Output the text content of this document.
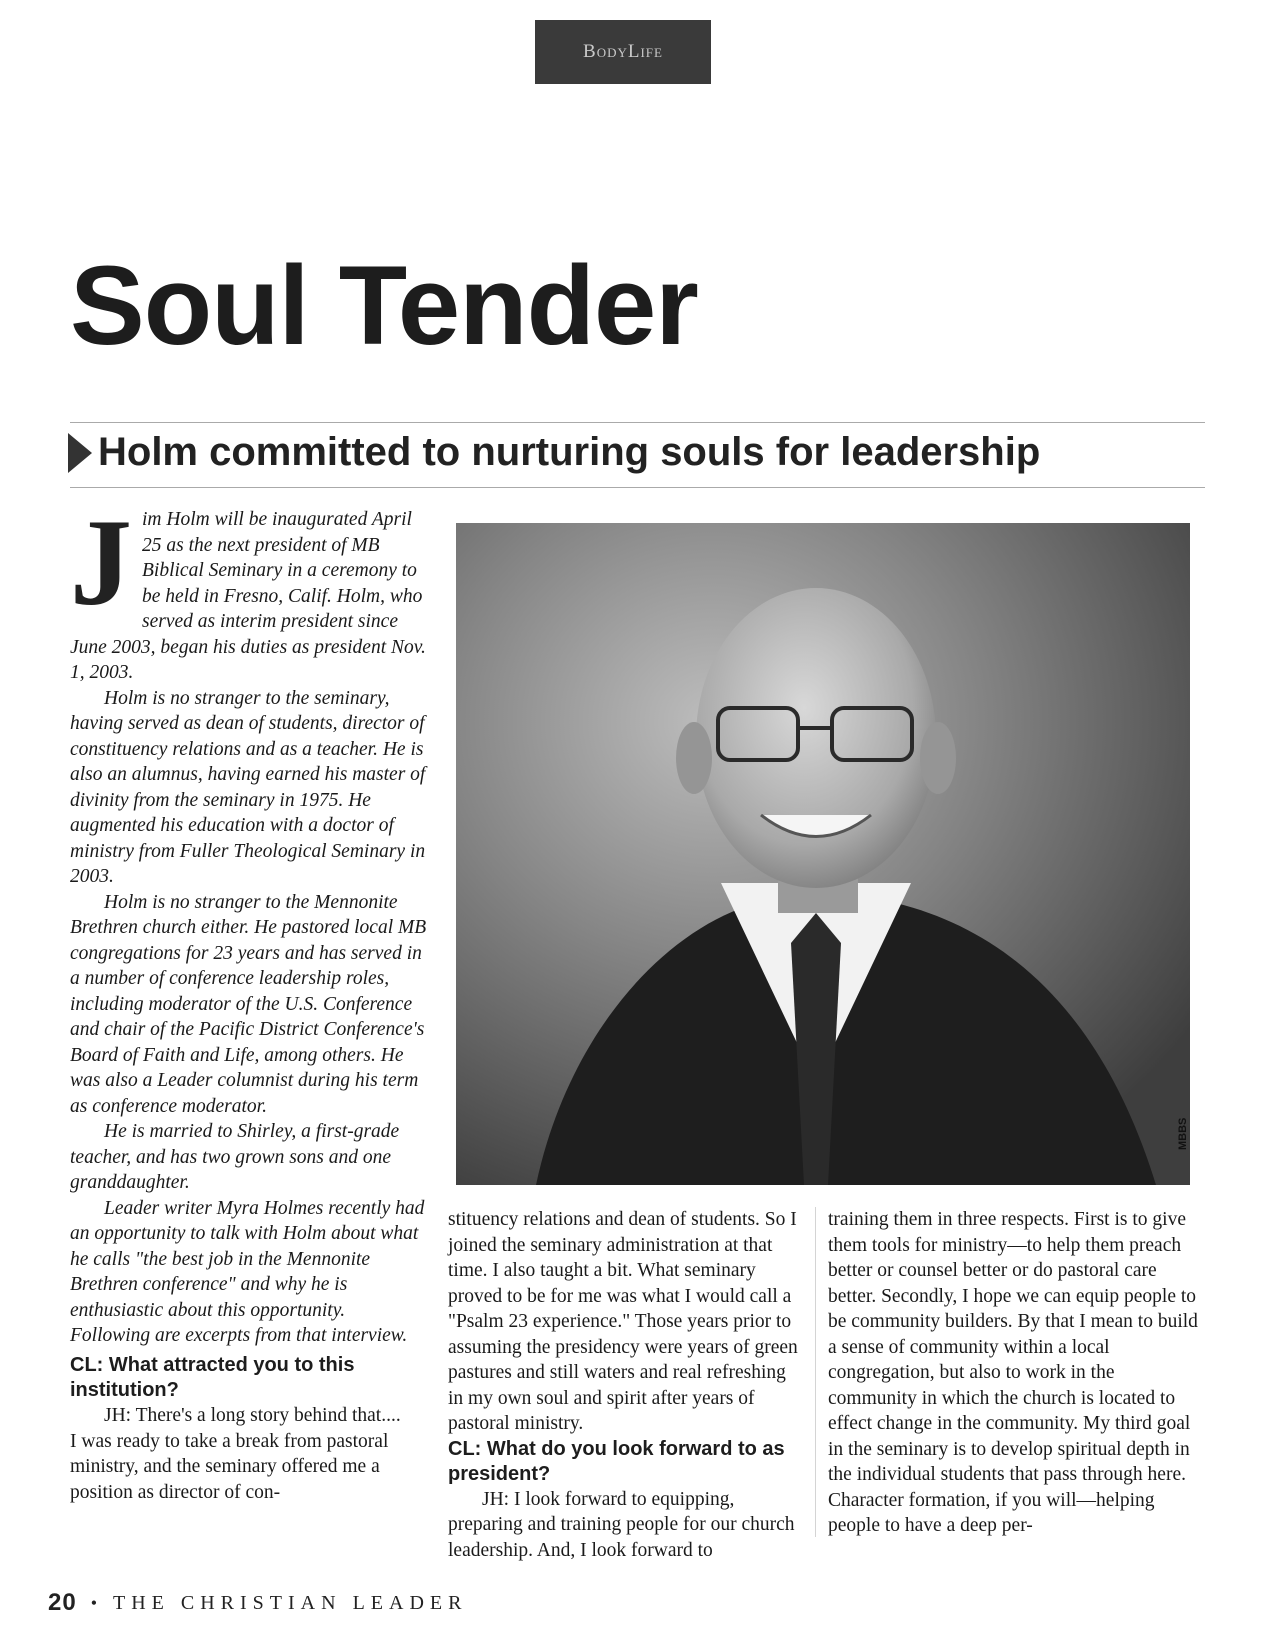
BodyLife
Soul Tender
Holm committed to nurturing souls for leadership
J im Holm will be inaugurated April 25 as the next president of MB Biblical Seminary in a ceremony to be held in Fresno, Calif. Holm, who served as interim president since June 2003, began his duties as president Nov. 1, 2003.

Holm is no stranger to the seminary, having served as dean of students, director of constituency relations and as a teacher. He is also an alumnus, having earned his master of divinity from the seminary in 1975. He augmented his education with a doctor of ministry from Fuller Theological Seminary in 2003.

Holm is no stranger to the Mennonite Brethren church either. He pastored local MB congregations for 23 years and has served in a number of conference leadership roles, including moderator of the U.S. Conference and chair of the Pacific District Conference's Board of Faith and Life, among others. He was also a Leader columnist during his term as conference moderator.

He is married to Shirley, a first-grade teacher, and has two grown sons and one granddaughter.

Leader writer Myra Holmes recently had an opportunity to talk with Holm about what he calls "the best job in the Mennonite Brethren conference" and why he is enthusiastic about this opportunity. Following are excerpts from that interview.

CL: What attracted you to this institution?

JH: There's a long story behind that.... I was ready to take a break from pastoral ministry, and the seminary offered me a position as director of con-

MBBS

stituency relations and dean of students. So I joined the seminary administration at that time. I also taught a bit. What seminary proved to be for me was what I would call a "Psalm 23 experience." Those years prior to assuming the presidency were years of green pastures and still waters and real refreshing in my own soul and spirit after years of pastoral ministry.

CL: What do you look forward to as president?

JH: I look forward to equipping, preparing and training people for our church leadership. And, I look forward to

training them in three respects. First is to give them tools for ministry—to help them preach better or counsel better or do pastoral care better. Secondly, I hope we can equip people to be community builders. By that I mean to build a sense of community within a local congregation, but also to work in the community in which the church is located to effect change in the community. My third goal in the seminary is to develop spiritual depth in the individual students that pass through here. Character formation, if you will—helping people to have a deep per-

20 • THE CHRISTIAN LEADER
